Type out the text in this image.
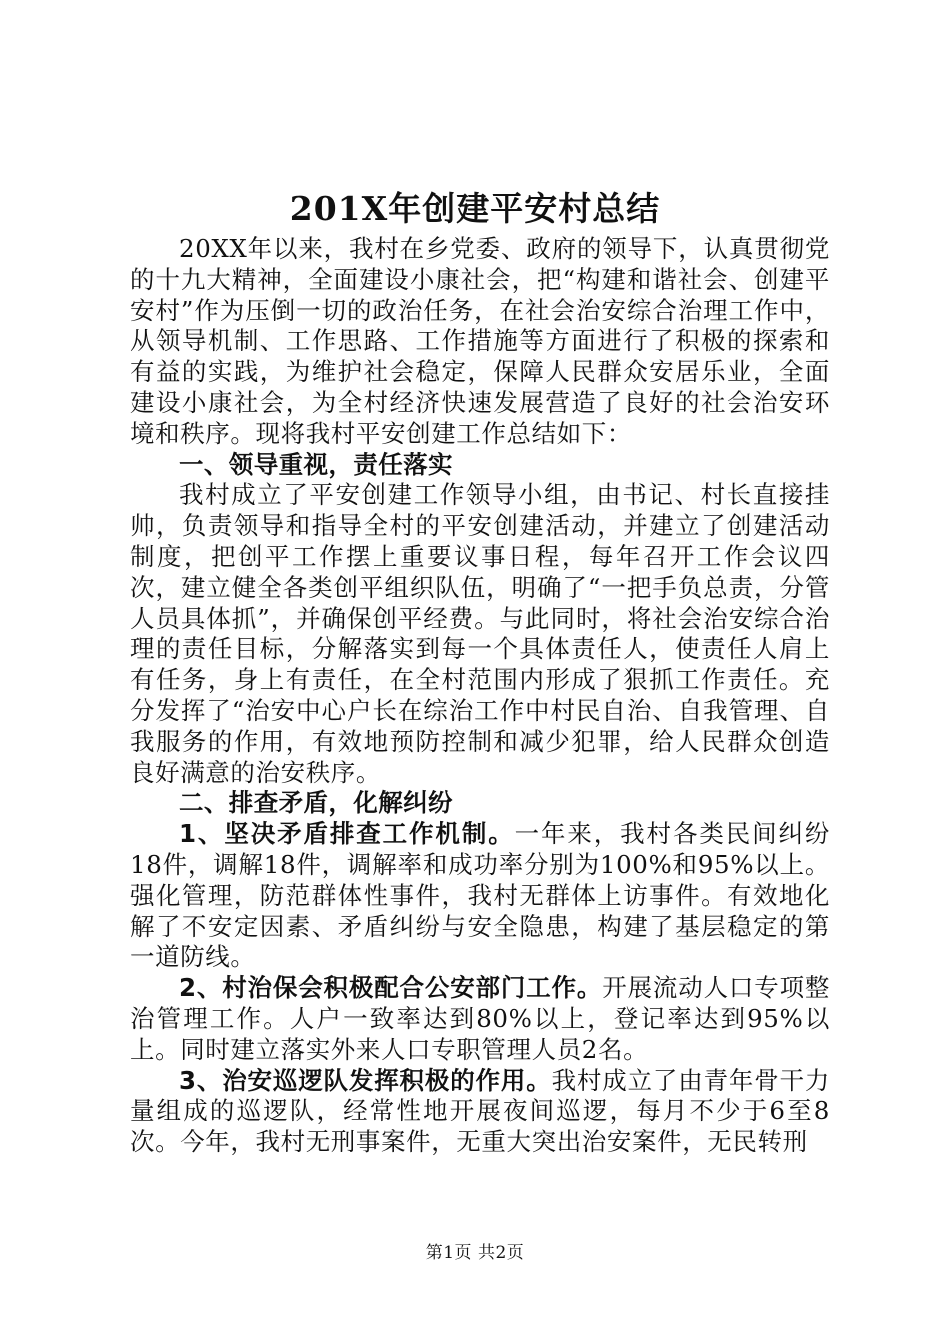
201X年创建平安村总结

20XX年以来，我村在乡党委、政府的领导下，认真贯彻党的十九大精神，全面建设小康社会，把“构建和谐社会、创建平安村”作为压倒一切的政治任务，在社会治安综合治理工作中，从领导机制、工作思路、工作措施等方面进行了积极的探索和有益的实践，为维护社会稳定，保障人民群众安居乐业，全面建设小康社会，为全村经济快速发展营造了良好的社会治安环境和秩序。现将我村平安创建工作总结如下：

一、领导重视，责任落实

我村成立了平安创建工作领导小组，由书记、村长直接挂帅，负责领导和指导全村的平安创建活动，并建立了创建活动制度，把创平工作摆上重要议事日程，每年召开工作会议四次，建立健全各类创平组织队伍，明确了“一把手负总责，分管人员具体抓”，并确保创平经费。与此同时，将社会治安综合治理的责任目标，分解落实到每一个具体责任人，使责任人肩上有任务，身上有责任，在全村范围内形成了狠抓工作责任。充分发挥了“治安中心户长在综治工作中村民自治、自我管理、自我服务的作用，有效地预防控制和减少犯罪，给人民群众创造良好满意的治安秩序。

二、排查矛盾，化解纠纷

1、坚决矛盾排查工作机制。一年来，我村各类民间纠纷18件，调解18件，调解率和成功率分别为100%和95%以上。强化管理，防范群体性事件，我村无群体上访事件。有效地化解了不安定因素、矛盾纠纷与安全隐患，构建了基层稳定的第一道防线。

2、村治保会积极配合公安部门工作。开展流动人口专项整治管理工作。人户一致率达到80%以上，登记率达到95%以上。同时建立落实外来人口专职管理人员2名。

3、治安巡逻队发挥积极的作用。我村成立了由青年骨干力量组成的巡逻队，经常性地开展夜间巡逻，每月不少于6至8次。今年，我村无刑事案件，无重大突出治安案件，无民转刑

第1页 共2页
